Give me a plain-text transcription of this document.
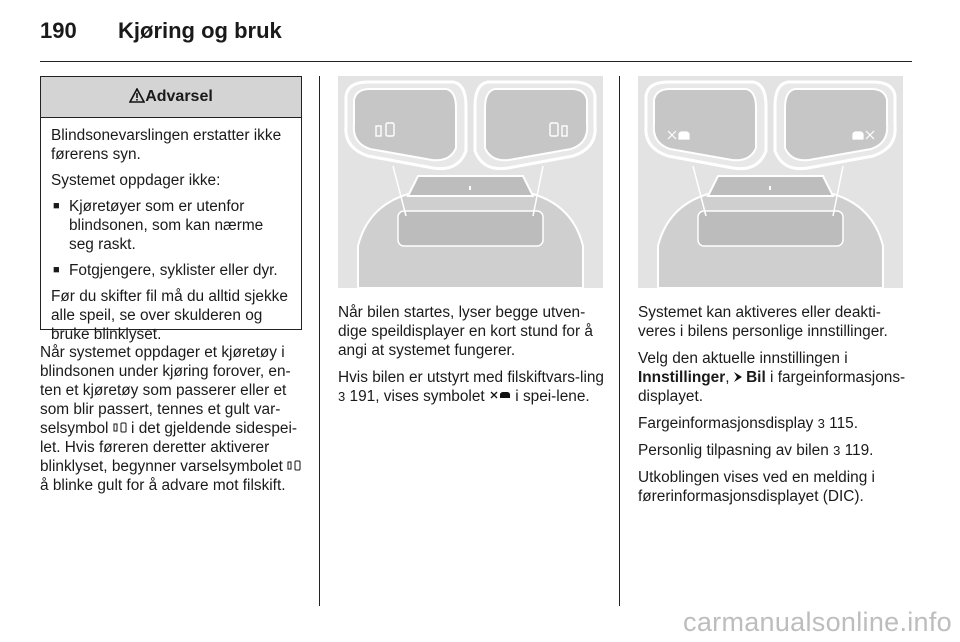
190	Kjøring og bruk
Advarsel

Blindsonevarslingen erstatter ikke førerens syn.

Systemet oppdager ikke:

■ Kjøretøyer som er utenfor blindsonen, som kan nærme seg raskt.
■ Fotgjengere, syklister eller dyr.

Før du skifter fil må du alltid sjekke alle speil, se over skulderen og bruke blinklyset.

Når systemet oppdager et kjøretøy i blindsonen under kjøring forover, en-ten et kjøretøy som passerer eller et som blir passert, tennes et gult var-selsymbol i det gjeldende sidespei-let. Hvis føreren deretter aktiverer blinklyset, begynner varselsymbolet  å blinke gult for å advare mot filskift.

Når bilen startes, lyser begge utven-dige speildisplayer en kort stund for å angi at systemet fungerer.

Hvis bilen er utstyrt med filskiftvars-ling 3 191, vises symbolet i spei-lene.

Systemet kan aktiveres eller deakti-veres i bilens personlige innstillinger.

Velg den aktuelle innstillingen i Innstillinger,  Bil i fargeinformasjons-displayet.

Fargeinformasjonsdisplay 3 115.

Personlig tilpasning av bilen 3 119.

Utkoblingen vises ved en melding i førerinformasjonsdisplayet (DIC).

carmanualsonline.info
